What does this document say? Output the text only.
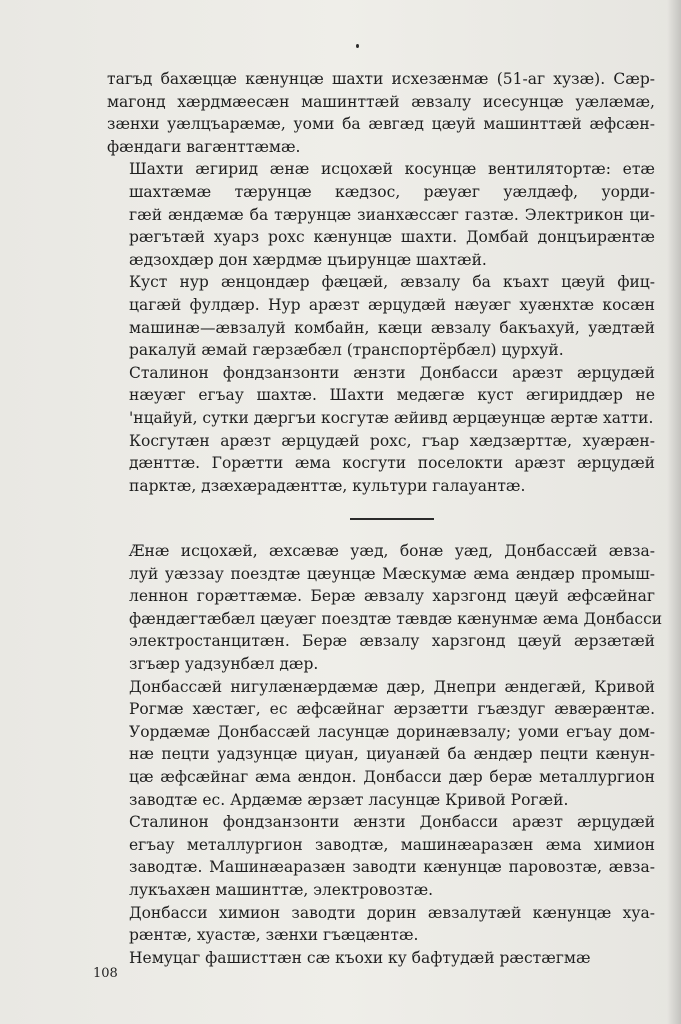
тагъд бахæццæ кæнунцæ шахти исхезæнмæ (51-аг хузæ). Сæр-
магонд хæрдмæесæн машинттæй æвзалу исесунцæ уæлæмæ,
зæнхи уæлцъарæмæ, уоми ба æвгæд цæуй машинттæй æфсæн-
фæндаги вагæнттæмæ.

Шахти æгирид æнæ исцохæй косунцæ вентилятортæ: етæ
шахтæмæ тæрунцæ кæдзос, рæуæг уæлдæф, уорди-
гæй æндæмæ ба тæрунцæ зианхæссæг газтæ. Электрикон ци-
рæгътæй хуарз рохс кæнунцæ шахти. Домбай донцъирæнтæ
æдзохдæр дон хæрдмæ цъирунцæ шахтæй.

Куст нур æнцондæр фæцæй, æвзалу ба къахт цæуй фиц-
цагæй фулдæр. Нур арæзт æрцудæй нæуæг хуæнхтæ косæн
машинæ—æвзалуй комбайн, кæци æвзалу бакъахуй, уæдтæй
ракалуй æмай гæрзæбæл (транспортёрбæл) цурхуй.

Сталинон фондзанзонти æнзти Донбасси арæзт æрцудæй
нæуæг егъау шахтæ. Шахти медæгæ куст æгириддæр не
'нцайуй, сутки дæргъи косгутæ æйивд æрцæунцæ æртæ хатти.

Косгутæн арæзт æрцудæй рохс, гъар хæдзæрттæ, хуæрæн-
дæнттæ. Горæтти æма косгути поселокти арæзт æрцудæй
парктæ, дзæхæрадæнттæ, культури галауантæ.

Æнæ исцохæй, æхсæвæ уæд, бонæ уæд, Донбассæй æвза-
луй уæззау поездтæ цæунцæ Мæскумæ æма æндæр промыш-
леннон горæттæмæ. Берæ æвзалу харзгонд цæуй æфсæйнаг
фæндæгтæбæл цæуæг поездтæ тæвдæ кæнунмæ æма Донбасси
электростанцитæн. Берæ æвзалу харзгонд цæуй æрзæтæй
згъæр уадзунбæл дæр.

Донбассæй нигулæнæрдæмæ дæр, Днепри æндегæй, Кривой
Рогмæ хæстæг, ес æфсæйнаг æрзæтти гъæздуг æвæрæнтæ.
Уордæмæ Донбассæй ласунцæ доринæвзалу; уоми егъау дом-
нæ пецти уадзунцæ циуан, циуанæй ба æндæр пецти кæнун-
цæ æфсæйнаг æма æндон. Донбасси дæр берæ металлургион
заводтæ ес. Ардæмæ æрзæт ласунцæ Кривой Рогæй.

Сталинон фондзанзонти æнзти Донбасси арæзт æрцудæй
егъау металлургион заводтæ, машинæаразæн æма химион
заводтæ. Машинæаразæн заводти кæнунцæ паровозтæ, æвза-
лукъахæн машинттæ, электровозтæ.

Донбасси химион заводти дорин æвзалутæй кæнунцæ хуа-
рæнтæ, хуастæ, зæнхи гъæцæнтæ.

Немуцаг фашисттæн сæ къохи ку бафтудæй рæстæгмæ

108
